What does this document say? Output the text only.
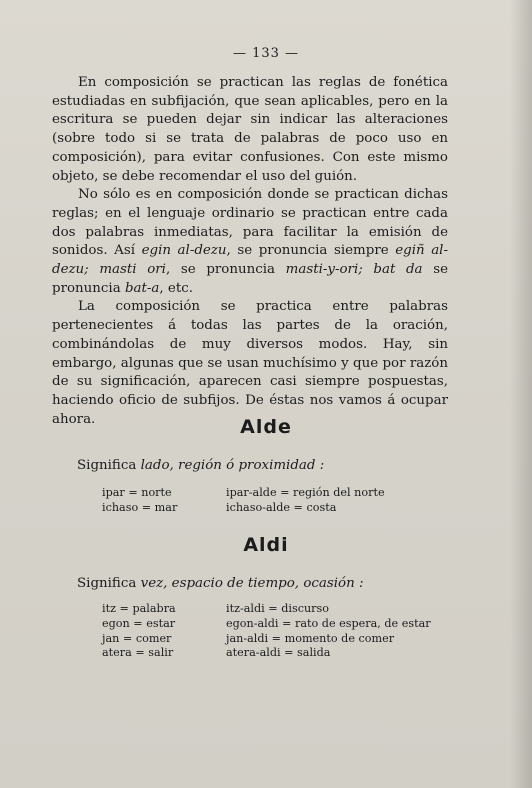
— 133 —

En composición se practican las reglas de fonética estudiadas en subfijación, que sean aplicables, pero en la escritura se pueden dejar sin indicar las alteraciones (sobre todo si se trata de palabras de poco uso en composición), para evitar confusiones. Con este mismo objeto, se debe recomendar el uso del guión.

No sólo es en composición donde se practican dichas reglas; en el lenguaje ordinario se practican entre cada dos palabras inmediatas, para facilitar la emisión de sonidos. Así egin al-dezu, se pronuncia siempre egiñ al-dezu; masti ori, se pronuncia masti-y-ori; bat da se pronuncia bat-a, etc.

La composición se practica entre palabras pertenecientes á todas las partes de la oración, combinándolas de muy diversos modos. Hay, sin embargo, algunas que se usan muchísimo y que por razón de su significación, aparecen casi siempre pospuestas, haciendo oficio de subfijos. De éstas nos vamos á ocupar ahora.	Alde
Significa lado, región ó proximidad :
ipar = norte	ipar-alde = región del norte
ichaso = mar	ichaso-alde = costa
Aldi
Significa vez, espacio de tiempo, ocasión :
itz = palabra	itz-aldi = discurso
egon = estar	egon-aldi = rato de espera, de estar
jan = comer	jan-aldi = momento de comer
atera = salir	atera-aldi = salida
